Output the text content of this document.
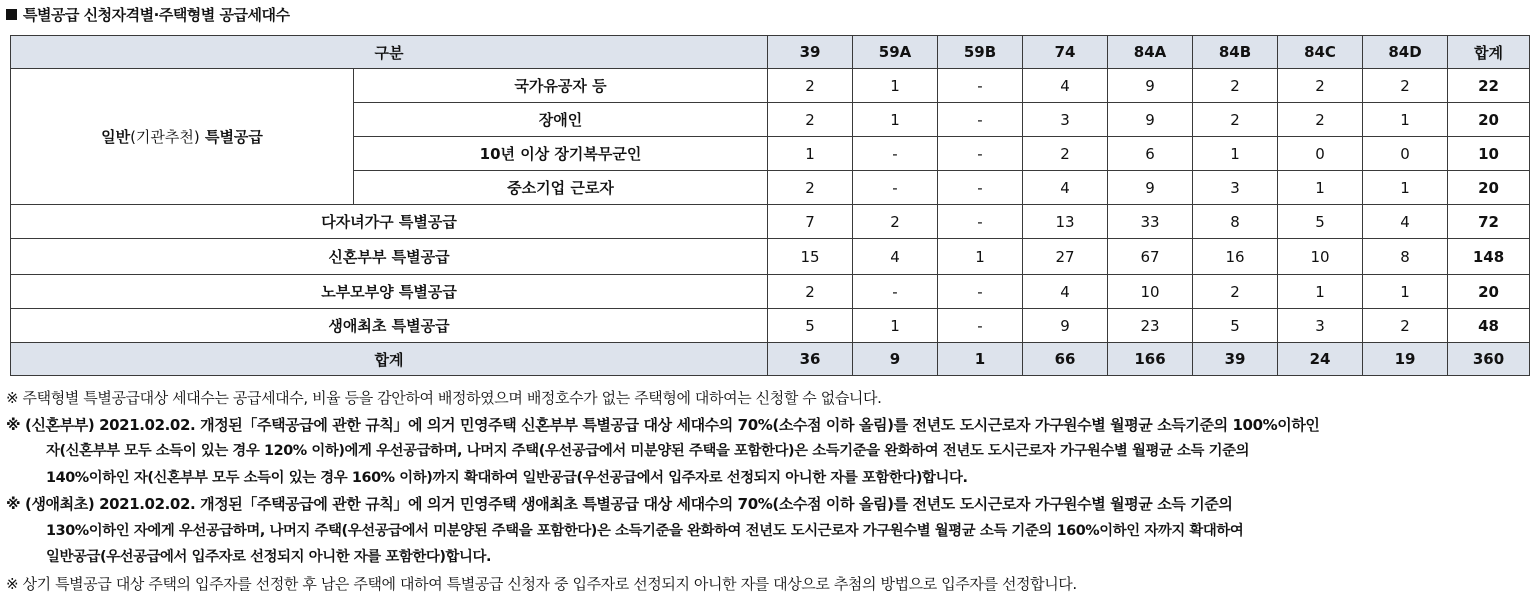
특별공급 신청자격별·주택형별 공급세대수
구분		39	59A	59B	74	84A	84B	84C	84D	합계
일반(기관추천) 특별공급	국가유공자 등	2	1	-	4	9	2	2	2	22
	장애인	2	1	-	3	9	2	2	1	20
	10년 이상 장기복무군인	1	-	-	2	6	1	0	0	10
	중소기업 근로자	2	-	-	4	9	3	1	1	20
다자녀가구 특별공급		7	2	-	13	33	8	5	4	72
신혼부부 특별공급		15	4	1	27	67	16	10	8	148
노부모부양 특별공급		2	-	-	4	10	2	1	1	20
생애최초 특별공급		5	1	-	9	23	5	3	2	48
합계		36	9	1	66	166	39	24	19	360
※ 주택형별 특별공급대상 세대수는 공급세대수, 비율 등을 감안하여 배정하였으며 배정호수가 없는 주택형에 대하여는 신청할 수 없습니다.
※ (신혼부부) 2021.02.02. 개정된「주택공급에 관한 규칙」에 의거 민영주택 신혼부부 특별공급 대상 세대수의 70%(소수점 이하 올림)를 전년도 도시근로자 가구원수별 월평균 소득기준의 100%이하인
자(신혼부부 모두 소득이 있는 경우 120% 이하)에게 우선공급하며, 나머지 주택(우선공급에서 미분양된 주택을 포함한다)은 소득기준을 완화하여 전년도 도시근로자 가구원수별 월평균 소득 기준의
140%이하인 자(신혼부부 모두 소득이 있는 경우 160% 이하)까지 확대하여 일반공급(우선공급에서 입주자로 선정되지 아니한 자를 포함한다)합니다.
※ (생애최초) 2021.02.02. 개정된「주택공급에 관한 규칙」에 의거 민영주택 생애최초 특별공급 대상 세대수의 70%(소수점 이하 올림)를 전년도 도시근로자 가구원수별 월평균 소득 기준의
130%이하인 자에게 우선공급하며, 나머지 주택(우선공급에서 미분양된 주택을 포함한다)은 소득기준을 완화하여 전년도 도시근로자 가구원수별 월평균 소득 기준의 160%이하인 자까지 확대하여
일반공급(우선공급에서 입주자로 선정되지 아니한 자를 포함한다)합니다.
※ 상기 특별공급 대상 주택의 입주자를 선정한 후 남은 주택에 대하여 특별공급 신청자 중 입주자로 선정되지 아니한 자를 대상으로 추첨의 방법으로 입주자를 선정합니다.
